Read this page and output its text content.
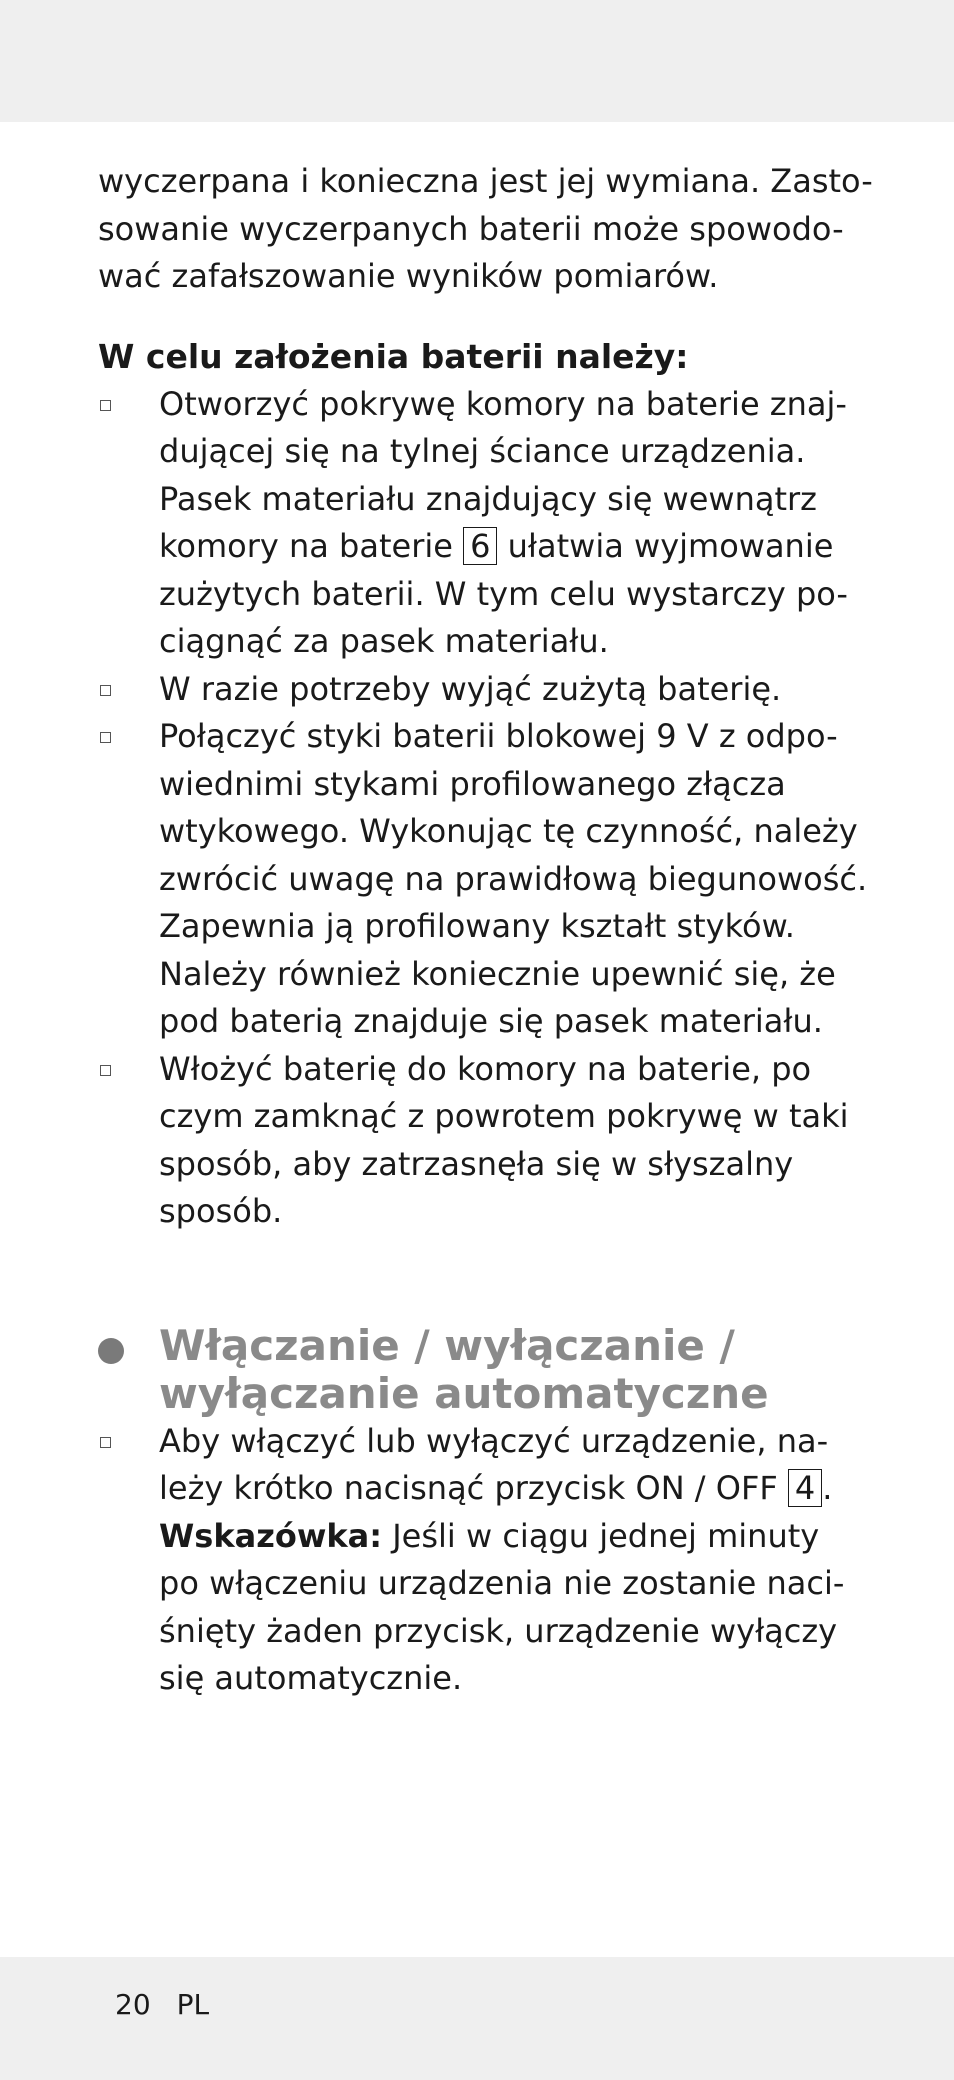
wyczerpana i konieczna jest jej wymiana. Zasto-
sowanie wyczerpanych baterii może spowodo-
wać zafałszowanie wyników pomiarów.
W celu założenia baterii należy:
Otworzyć pokrywę komory na baterie znaj-
dującej się na tylnej ściance urządzenia.
Pasek materiału znajdujący się wewnątrz
komory na baterie 6 ułatwia wyjmowanie
zużytych baterii. W tym celu wystarczy po-
ciągnąć za pasek materiału.
W razie potrzeby wyjąć zużytą baterię.
Połączyć styki baterii blokowej 9 V z odpo-
wiednimi stykami profilowanego złącza
wtykowego. Wykonując tę czynność, należy
zwrócić uwagę na prawidłową biegunowość.
Zapewnia ją profilowany kształt styków.
Należy również koniecznie upewnić się, że
pod baterią znajduje się pasek materiału.
Włożyć baterię do komory na baterie, po
czym zamknąć z powrotem pokrywę w taki
sposób, aby zatrzasnęła się w słyszalny
sposób.
Włączanie / wyłączanie /
wyłączanie automatyczne
Aby włączyć lub wyłączyć urządzenie, na-
leży krótko nacisnąć przycisk ON / OFF 4 .
Wskazówka: Jeśli w ciągu jednej minuty
po włączeniu urządzenia nie zostanie naci-
śnięty żaden przycisk, urządzenie wyłączy
się automatycznie.
20 PL
